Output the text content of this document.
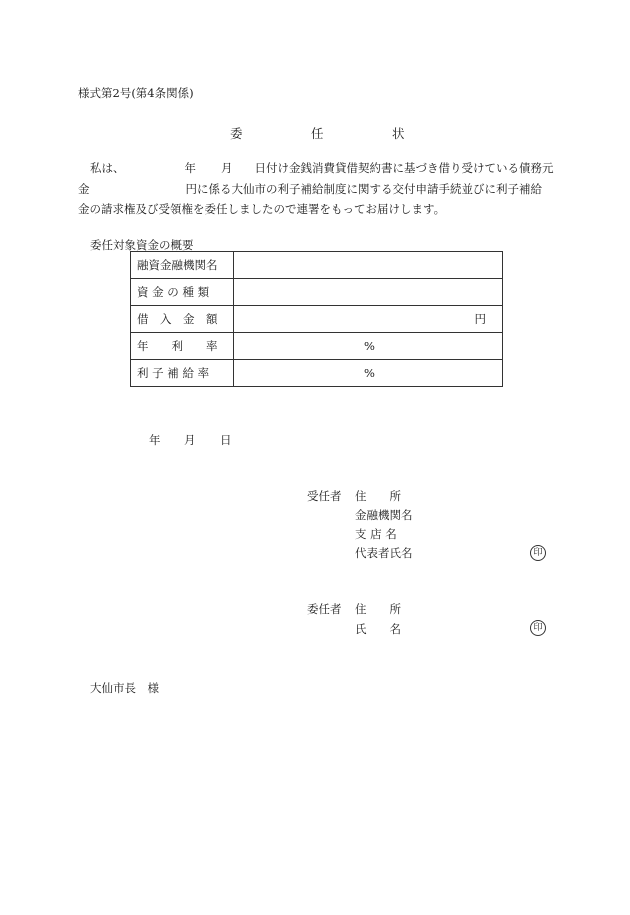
様式第2号(第4条関係)
委	任	状
私は、	年 月 日付け金銭消費貸借契約書に基づき借り受けている債務元
金	円に係る大仙市の利子補給制度に関する交付申請手続並びに利子補給
金の請求権及び受領権を委任しましたので連署をもってお届けします。
委任対象資金の概要
融資金融機関名	
資 金 の 種 類	
借　入　金　額	円

年　　利　　率	%

利 子 補 給 率	%
年 月 日
受任者 住　　所
金融機関名
支 店 名
代表者氏名	印
委任者 住　　所
氏　　名	印
大仙市長　様
